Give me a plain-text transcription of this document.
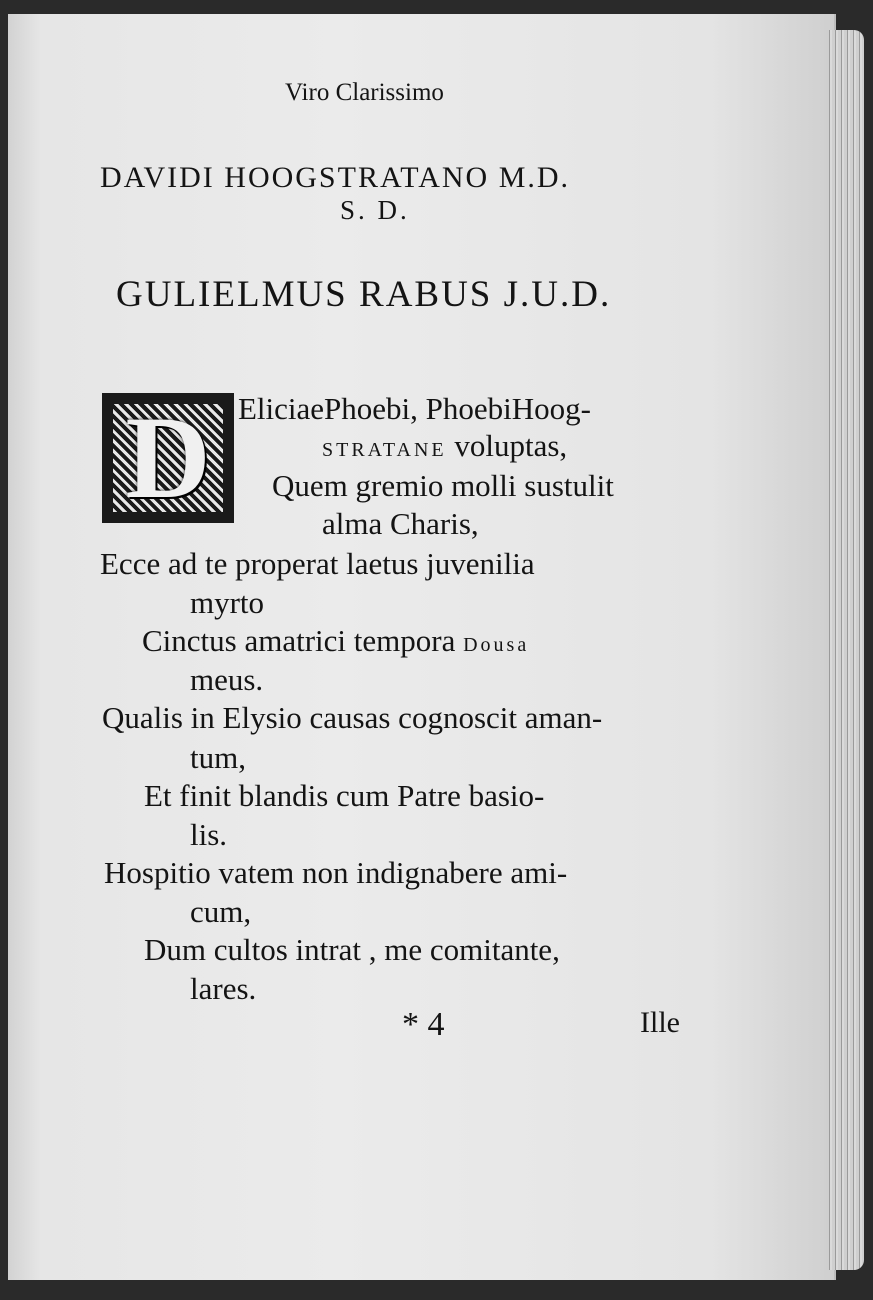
Viro Clarissimo
DAVIDI HOOGSTRATANO M.D.
S. D.
GULIELMUS RABUS J.U.D.
D EliciaePhoebi, PhoebiHoog-
STRATANE voluptas,
Quem gremio molli sustulit
alma Charis,
Ecce ad te properat laetus juvenilia
myrto
Cinctus amatrici tempora Dousa
meus.
Qualis in Elysio causas cognoscit aman-
tum,
Et finit blandis cum Patre basio-
lis.
Hospitio vatem non indignabere ami-
cum,
Dum cultos intrat , me comitante,
lares.
* 4	Ille
